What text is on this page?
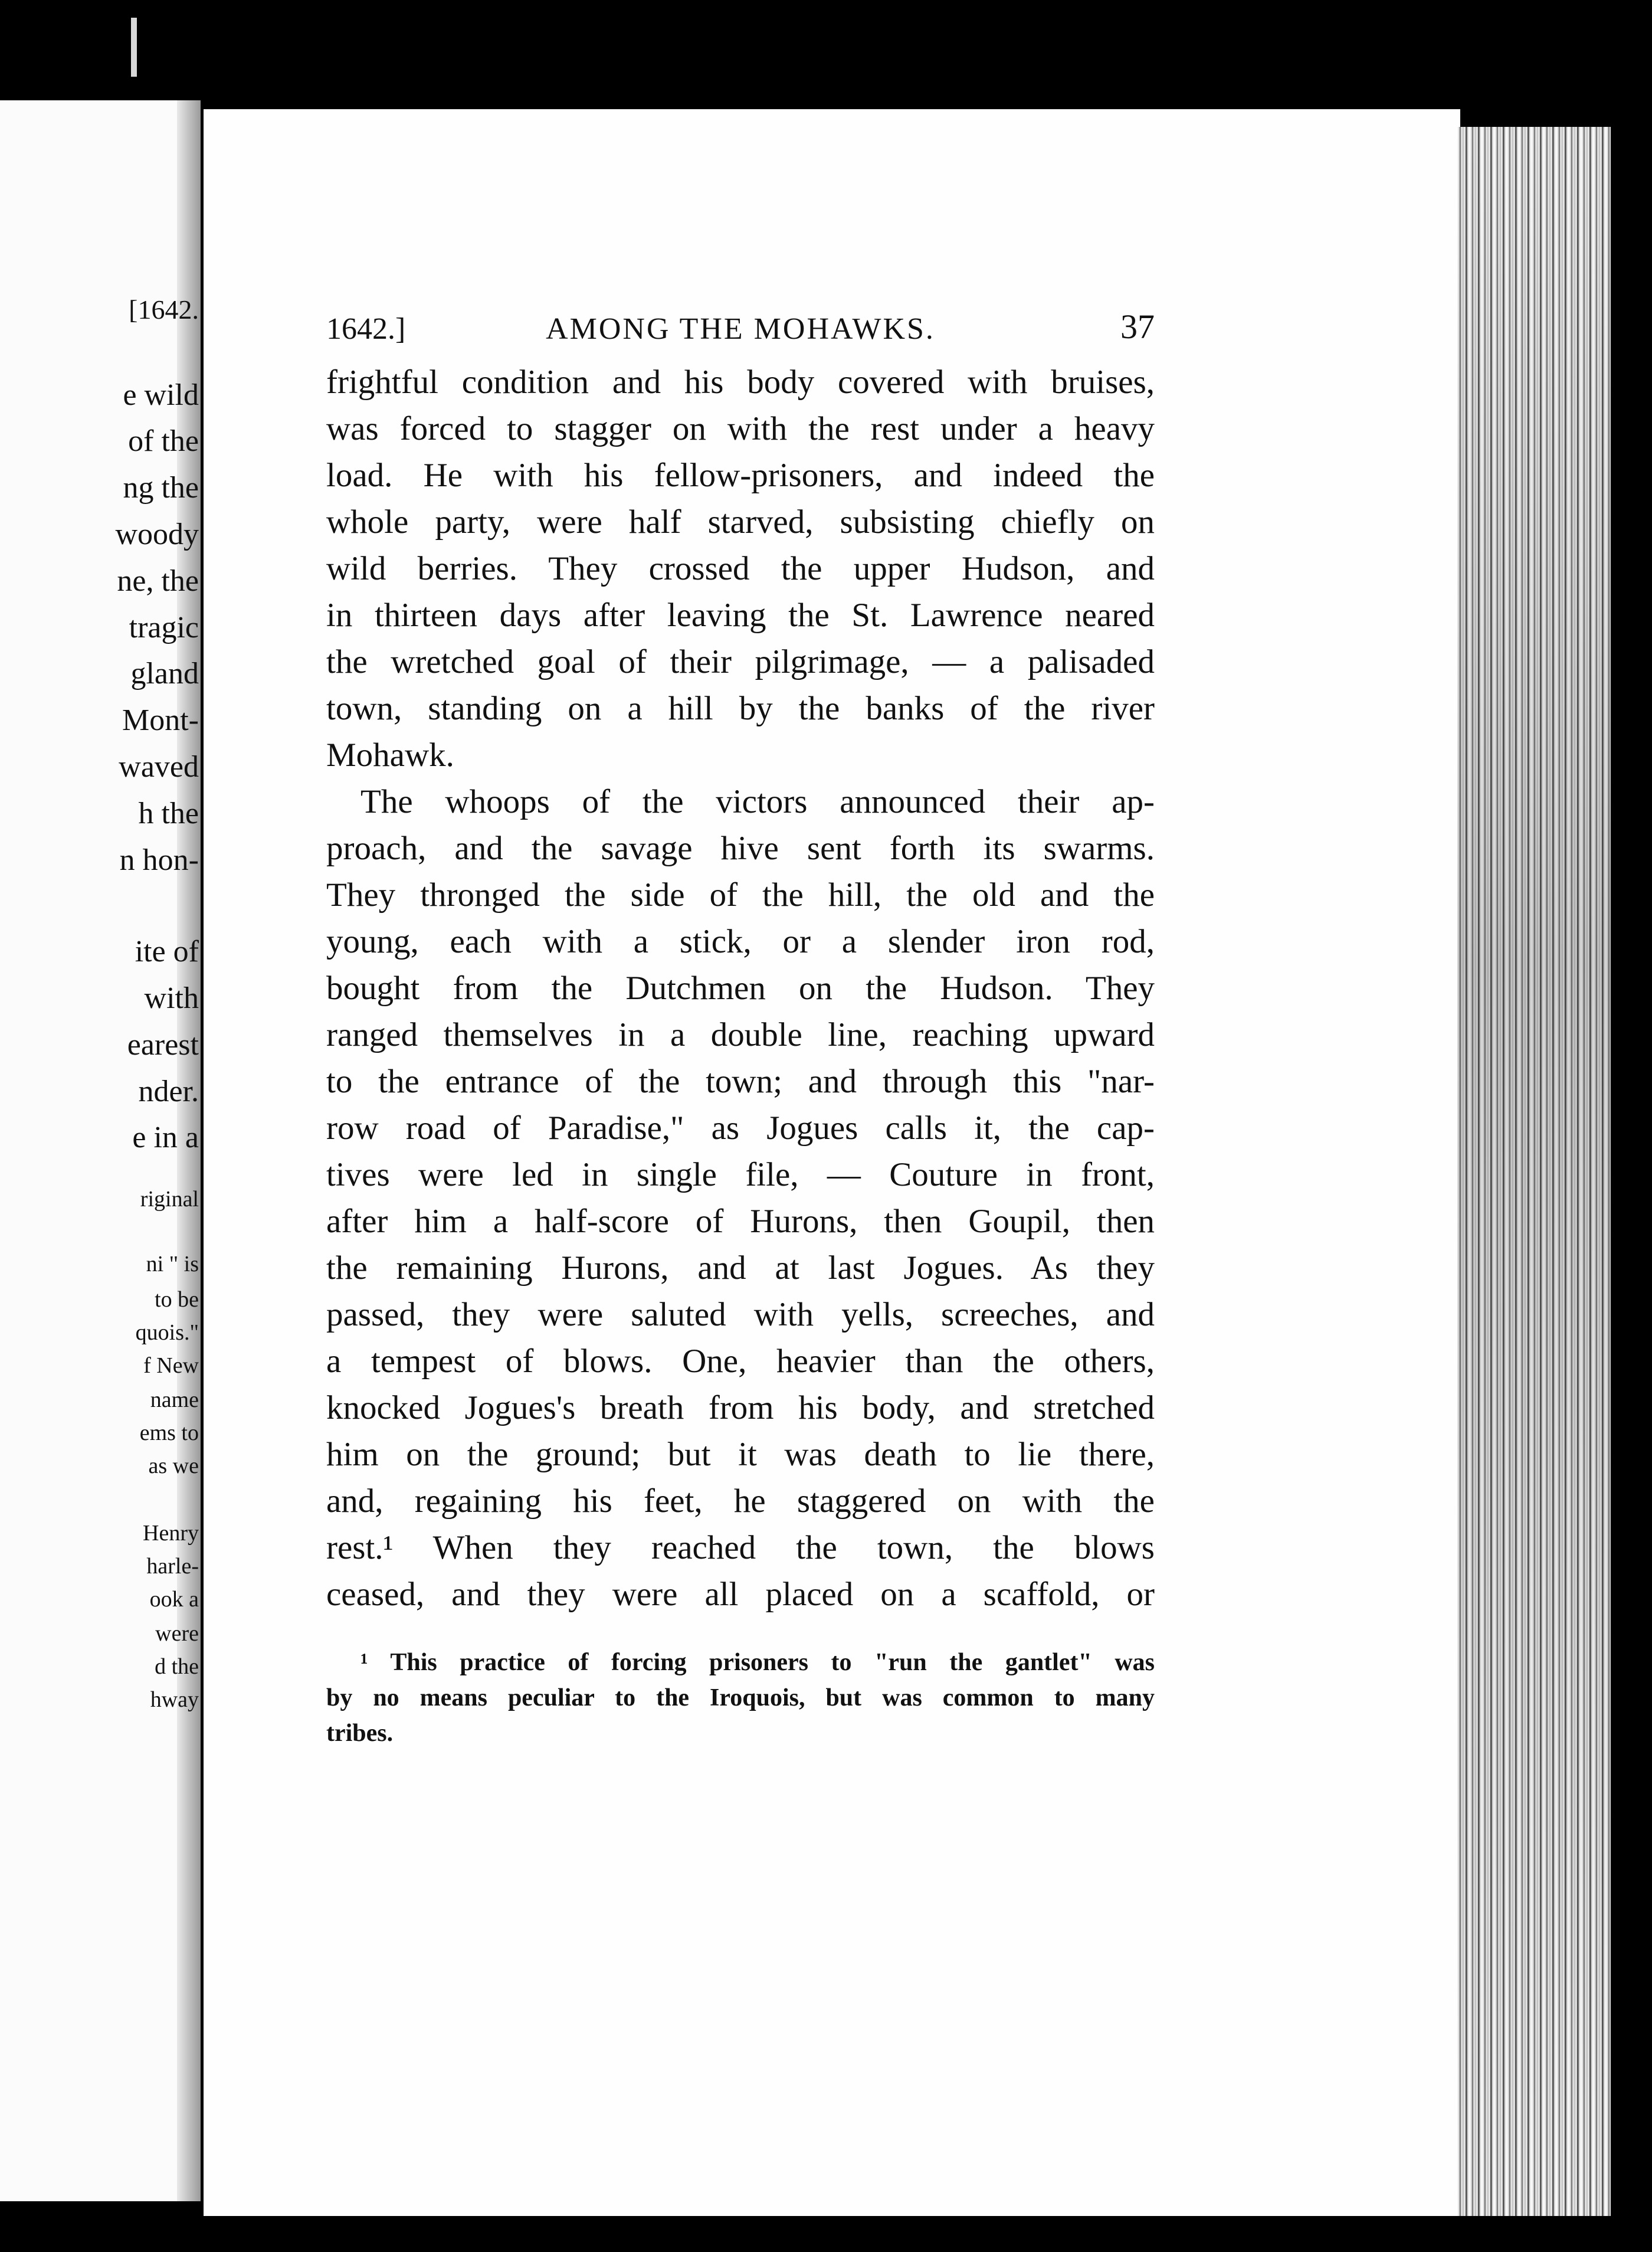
[1642.
e wild
of the
ng the
woody
ne, the
tragic
gland
Mont-
waved
h the
n hon-
ite of
with
earest
nder.
e in a
riginal
ni " is
to be
quois."
f New
name
ems to
as we
Henry
harle-
ook a
were
d the
hway
1642.]	AMONG THE MOHAWKS.	37
frightful condition and his body covered with bruises,
was forced to stagger on with the rest under a heavy
load. He with his fellow-prisoners, and indeed the
whole party, were half starved, subsisting chiefly on
wild berries. They crossed the upper Hudson, and
in thirteen days after leaving the St. Lawrence neared
the wretched goal of their pilgrimage, — a palisaded
town, standing on a hill by the banks of the river
Mohawk.
The whoops of the victors announced their ap-
proach, and the savage hive sent forth its swarms.
They thronged the side of the hill, the old and the
young, each with a stick, or a slender iron rod,
bought from the Dutchmen on the Hudson. They
ranged themselves in a double line, reaching upward
to the entrance of the town; and through this "nar-
row road of Paradise," as Jogues calls it, the cap-
tives were led in single file, — Couture in front,
after him a half-score of Hurons, then Goupil, then
the remaining Hurons, and at last Jogues. As they
passed, they were saluted with yells, screeches, and
a tempest of blows. One, heavier than the others,
knocked Jogues's breath from his body, and stretched
him on the ground; but it was death to lie there,
and, regaining his feet, he staggered on with the
rest.¹ When they reached the town, the blows
ceased, and they were all placed on a scaffold, or
¹ This practice of forcing prisoners to "run the gantlet" was
by no means peculiar to the Iroquois, but was common to many
tribes.
